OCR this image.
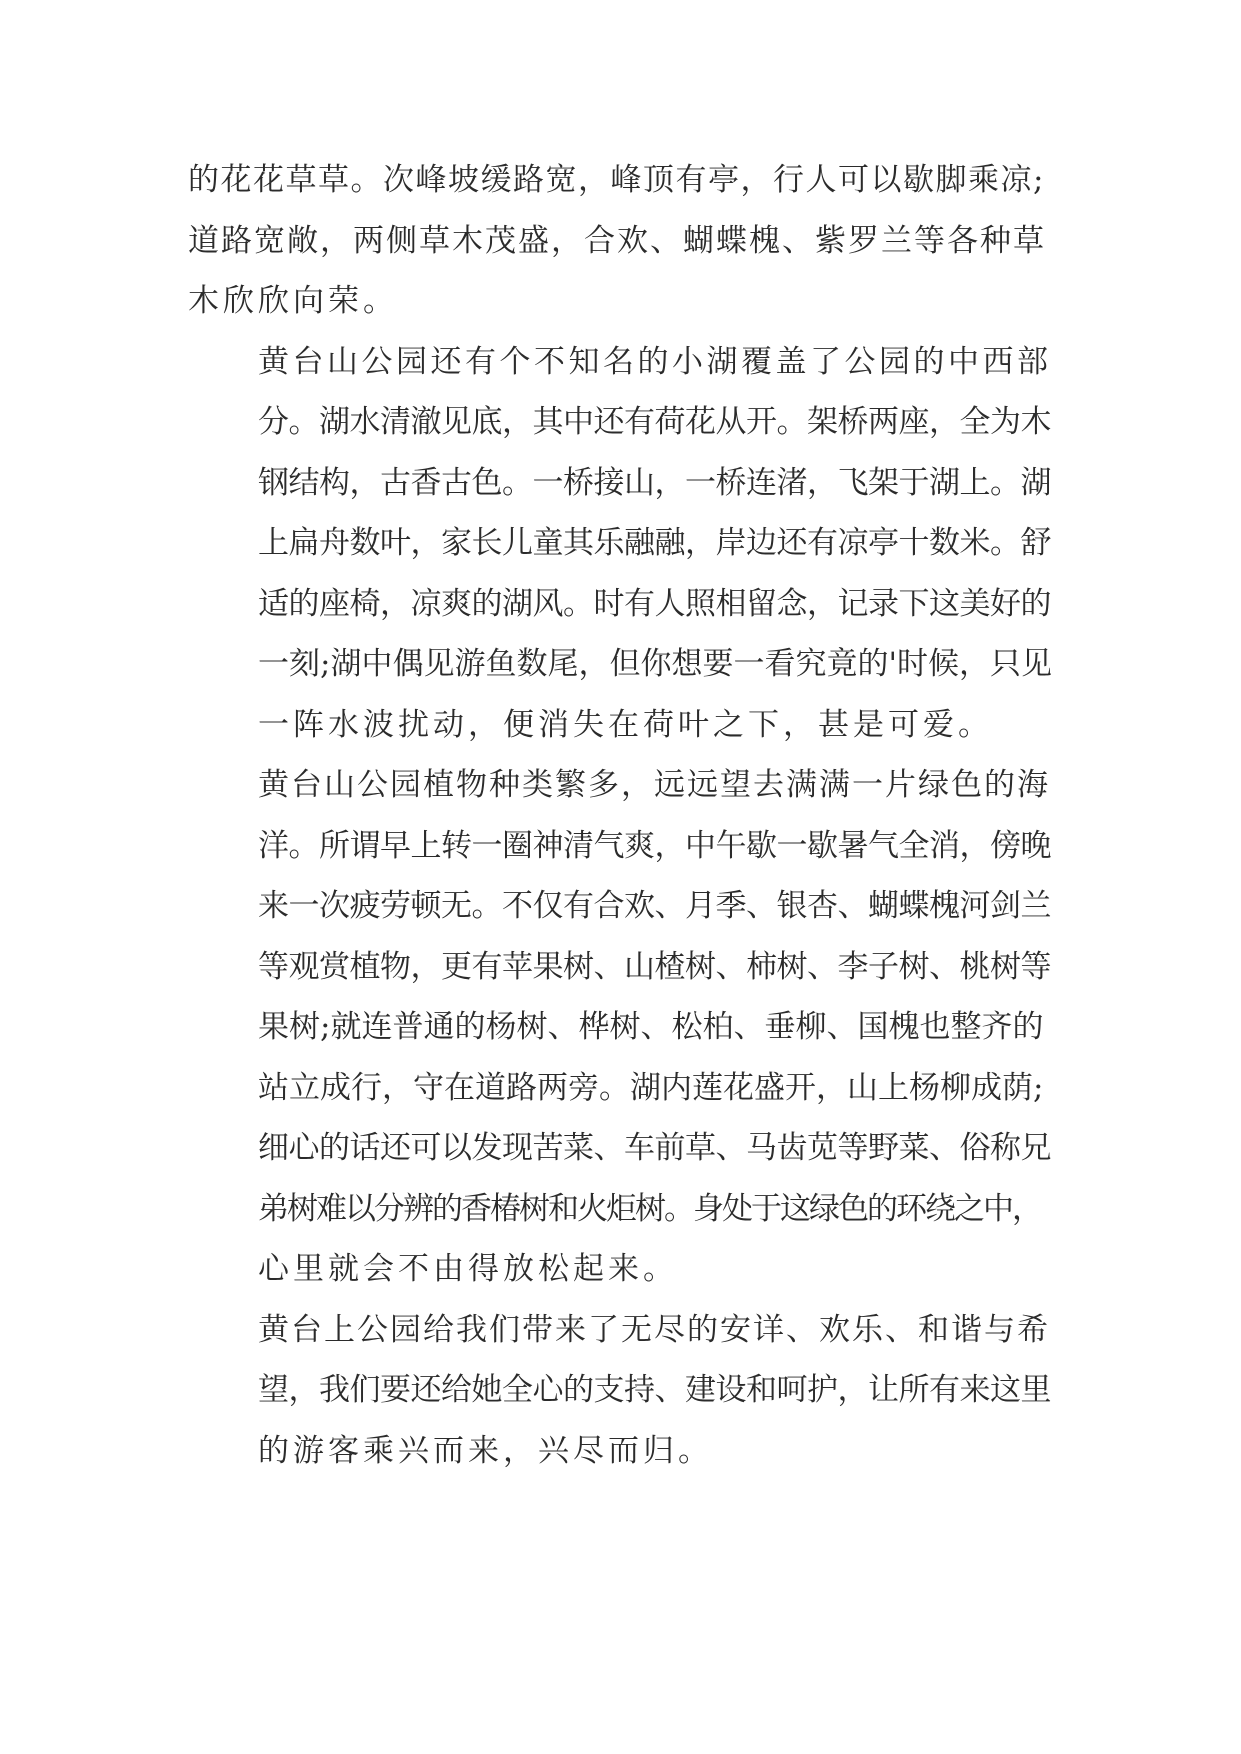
的花花草草。次峰坡缓路宽，峰顶有亭，行人可以歇脚乘凉;
道路宽敞，两侧草木茂盛，合欢、蝴蝶槐、紫罗兰等各种草
木欣欣向荣。
黄台山公园还有个不知名的小湖覆盖了公园的中西部
分。湖水清澈见底，其中还有荷花从开。架桥两座，全为木
钢结构，古香古色。一桥接山，一桥连渚，飞架于湖上。湖
上扁舟数叶，家长儿童其乐融融，岸边还有凉亭十数米。舒
适的座椅，凉爽的湖风。时有人照相留念，记录下这美好的
一刻;湖中偶见游鱼数尾，但你想要一看究竟的'时候，只见
一阵水波扰动，便消失在荷叶之下，甚是可爱。
黄台山公园植物种类繁多，远远望去满满一片绿色的海
洋。所谓早上转一圈神清气爽，中午歇一歇暑气全消，傍晚
来一次疲劳顿无。不仅有合欢、月季、银杏、蝴蝶槐河剑兰
等观赏植物，更有苹果树、山楂树、柿树、李子树、桃树等
果树;就连普通的杨树、桦树、松柏、垂柳、国槐也整齐的
站立成行，守在道路两旁。湖内莲花盛开，山上杨柳成荫;
细心的话还可以发现苦菜、车前草、马齿苋等野菜、俗称兄
弟树难以分辨的香椿树和火炬树。身处于这绿色的环绕之中，
心里就会不由得放松起来。
黄台上公园给我们带来了无尽的安详、欢乐、和谐与希
望，我们要还给她全心的支持、建设和呵护，让所有来这里
的游客乘兴而来，兴尽而归。
